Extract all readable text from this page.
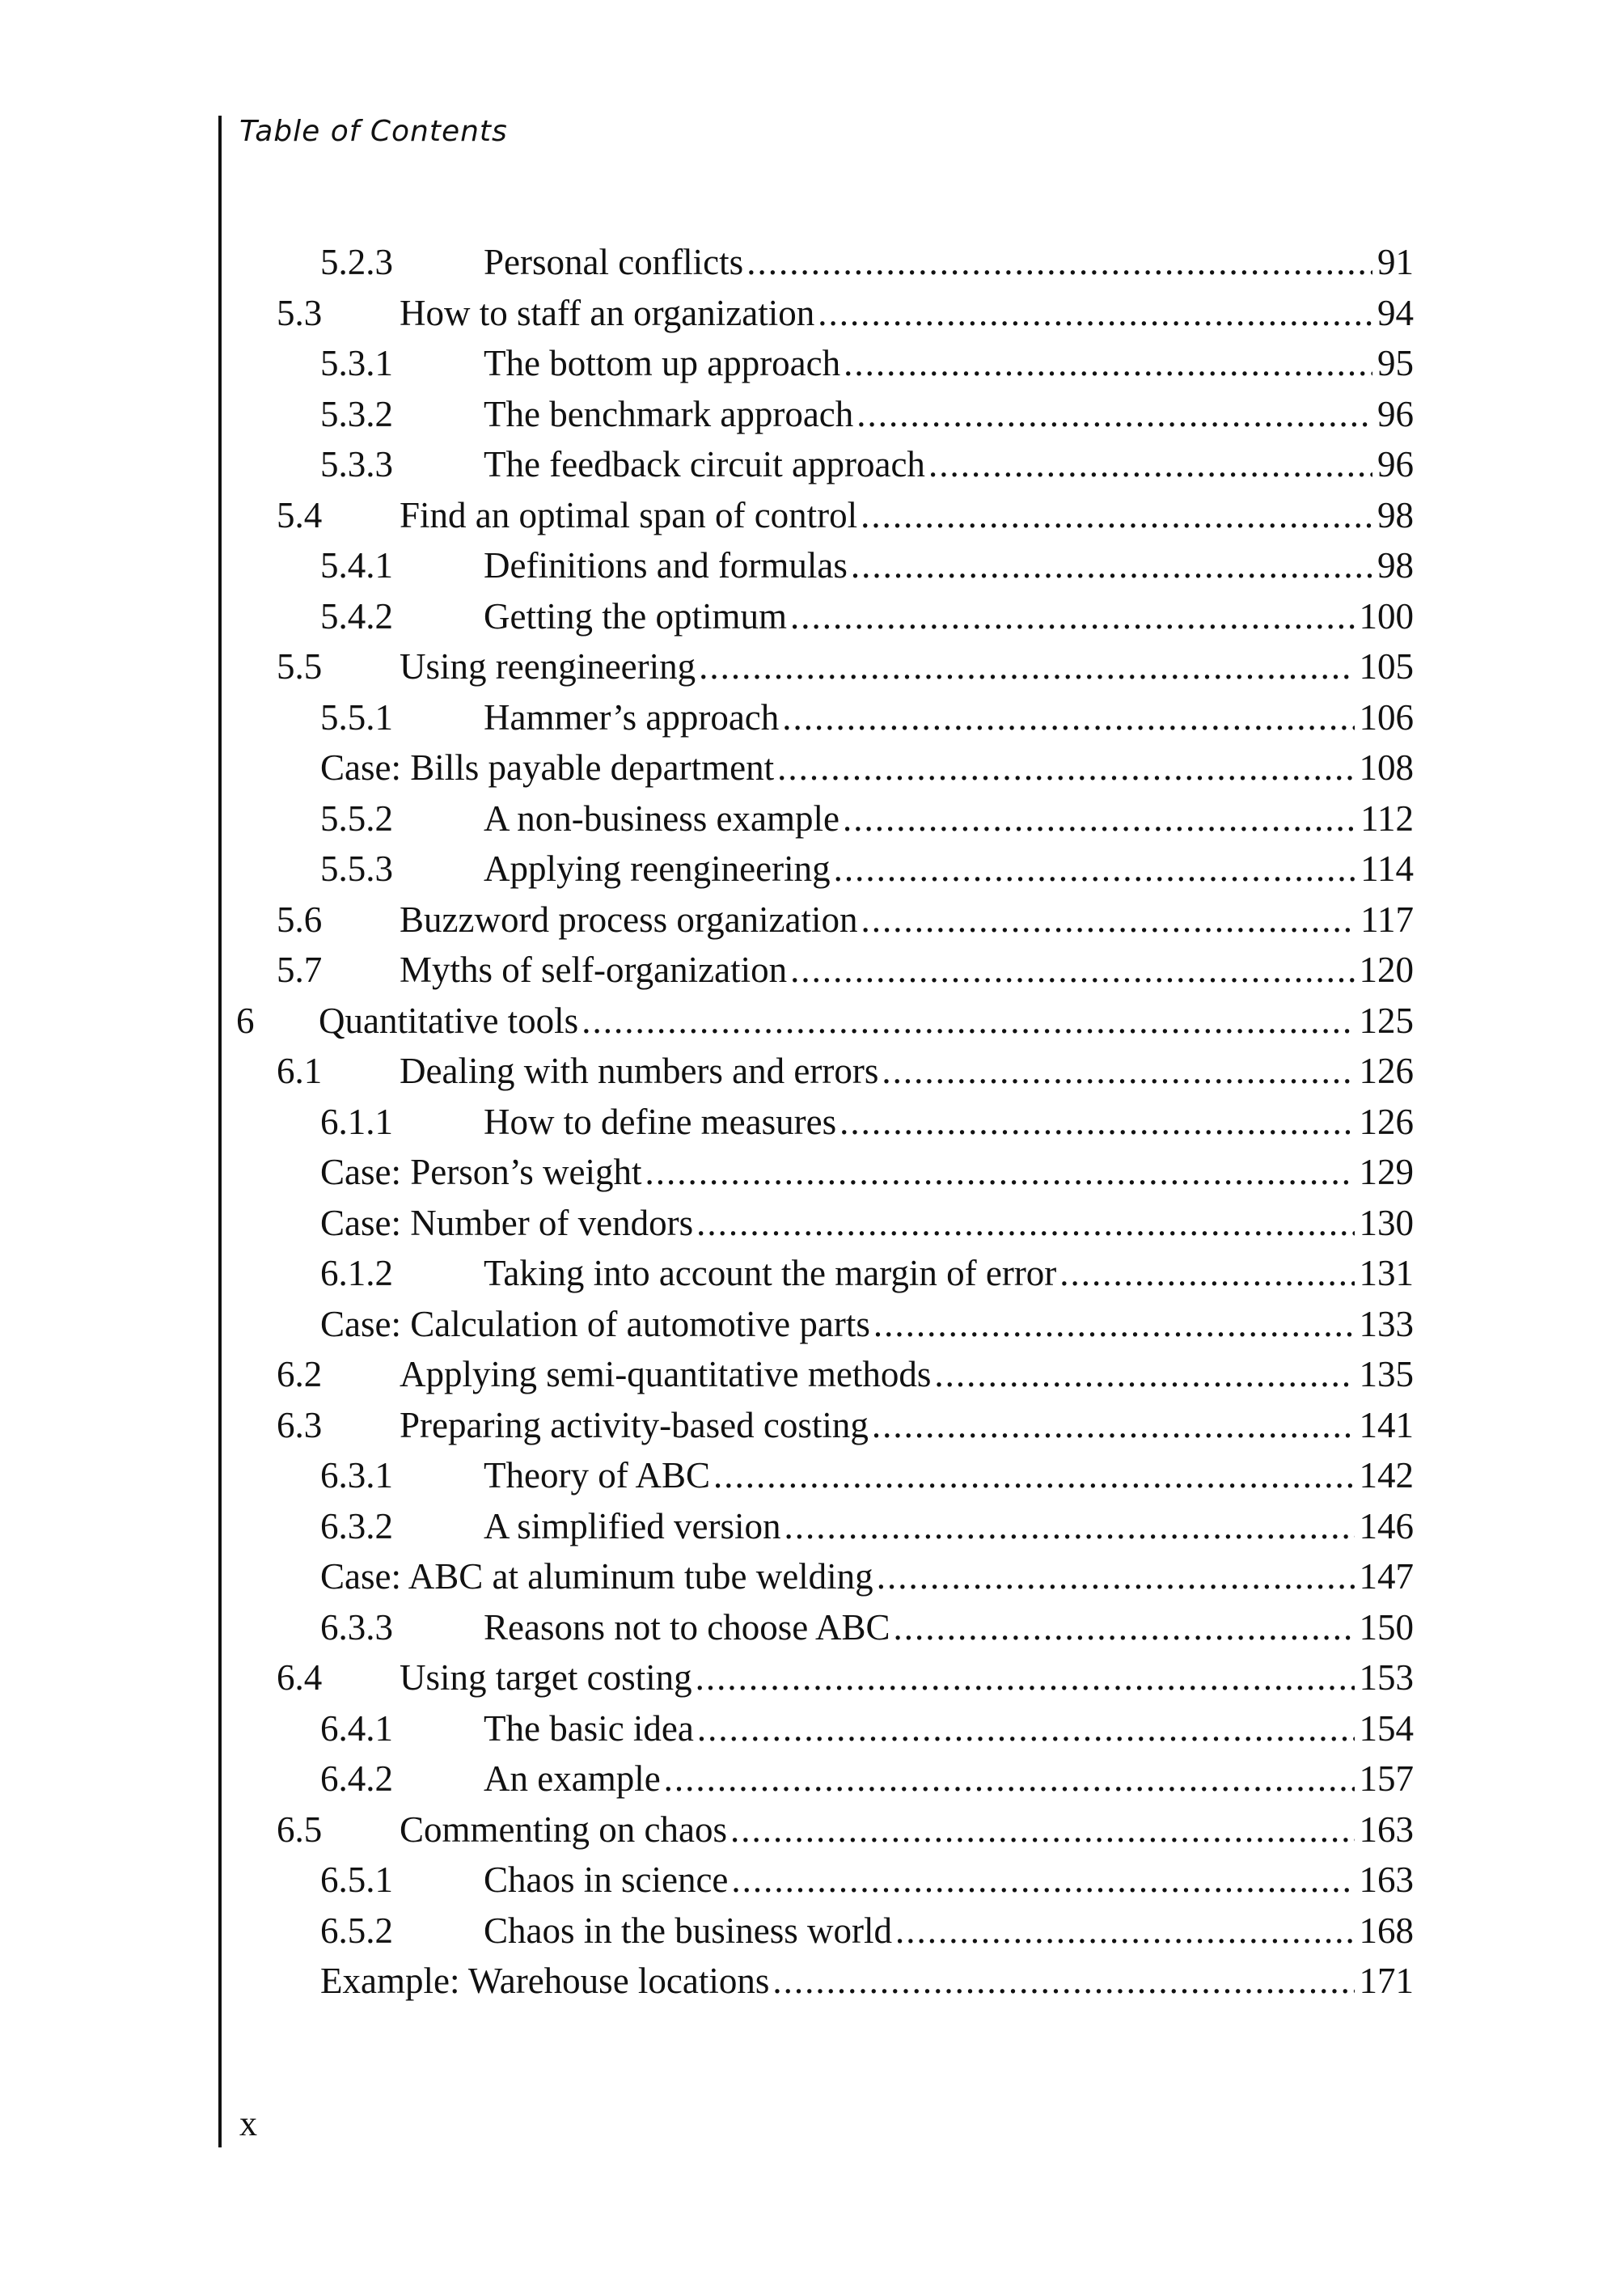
Table of Contents
5.2.3	Personal conflicts .....	91
5.3	How to staff an organization .....	94
5.3.1	The bottom up approach .....	95
5.3.2	The benchmark approach .....	96
5.3.3	The feedback circuit approach .....	96
5.4	Find an optimal span of control .....	98
5.4.1	Definitions and formulas .....	98
5.4.2	Getting the optimum .....	100
5.5	Using reengineering .....	105
5.5.1	Hammer’s approach .....	106
Case: Bills payable department .....	108
5.5.2	A non-business example .....	112
5.5.3	Applying reengineering .....	114
5.6	Buzzword process organization .....	117
5.7	Myths of self-organization .....	120
6	Quantitative tools .....	125
6.1	Dealing with numbers and errors .....	126
6.1.1	How to define measures .....	126
Case: Person’s weight .....	129
Case: Number of vendors .....	130
6.1.2	Taking into account the margin of error .....	131
Case: Calculation of automotive parts .....	133
6.2	Applying semi-quantitative methods .....	135
6.3	Preparing activity-based costing .....	141
6.3.1	Theory of ABC .....	142
6.3.2	A simplified version .....	146
Case: ABC at aluminum tube welding .....	147
6.3.3	Reasons not to choose ABC .....	150
6.4	Using target costing .....	153
6.4.1	The basic idea .....	154
6.4.2	An example .....	157
6.5	Commenting on chaos .....	163
6.5.1	Chaos in science .....	163
6.5.2	Chaos in the business world .....	168
Example: Warehouse locations .....	171
x
